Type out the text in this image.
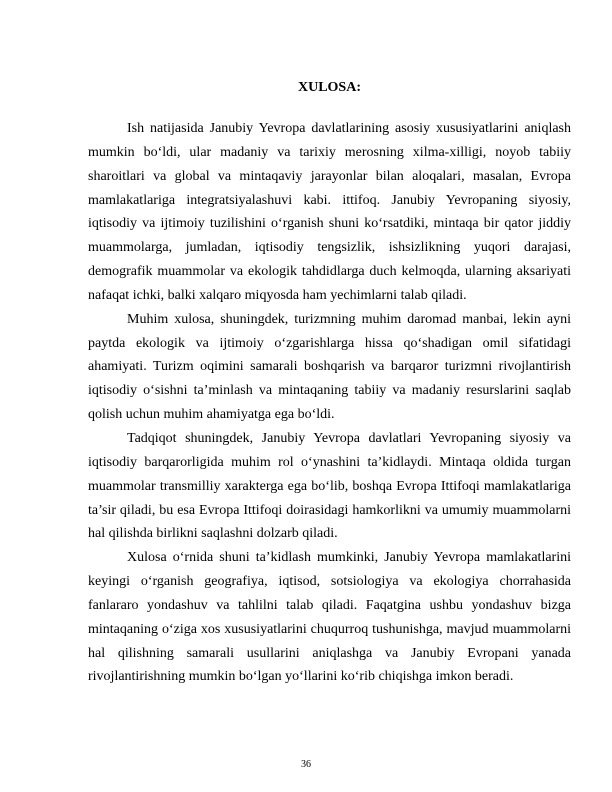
XULOSA:

Ish natijasida Janubiy Yevropa davlatlarining asosiy xususiyatlarini aniqlash mumkin bo‘ldi, ular madaniy va tarixiy merosning xilma-xilligi, noyob tabiiy sharoitlari va global va mintaqaviy jarayonlar bilan aloqalari, masalan, Evropa mamlakatlariga integratsiyalashuvi kabi. ittifoq. Janubiy Yevropaning siyosiy, iqtisodiy va ijtimoiy tuzilishini o‘rganish shuni ko‘rsatdiki, mintaqa bir qator jiddiy muammolarga, jumladan, iqtisodiy tengsizlik, ishsizlikning yuqori darajasi, demografik muammolar va ekologik tahdidlarga duch kelmoqda, ularning aksariyati nafaqat ichki, balki xalqaro miqyosda ham yechimlarni talab qiladi.

Muhim xulosa, shuningdek, turizmning muhim daromad manbai, lekin ayni paytda ekologik va ijtimoiy o‘zgarishlarga hissa qo‘shadigan omil sifatidagi ahamiyati. Turizm oqimini samarali boshqarish va barqaror turizmni rivojlantirish iqtisodiy o‘sishni ta’minlash va mintaqaning tabiiy va madaniy resurslarini saqlab qolish uchun muhim ahamiyatga ega bo‘ldi.

Tadqiqot shuningdek, Janubiy Yevropa davlatlari Yevropaning siyosiy va iqtisodiy barqarorligida muhim rol o‘ynashini ta’kidlaydi. Mintaqa oldida turgan muammolar transmilliy xarakterga ega bo‘lib, boshqa Evropa Ittifoqi mamlakatlariga ta’sir qiladi, bu esa Evropa Ittifoqi doirasidagi hamkorlikni va umumiy muammolarni hal qilishda birlikni saqlashni dolzarb qiladi.

Xulosa o‘rnida shuni ta’kidlash mumkinki, Janubiy Yevropa mamlakatlarini keyingi o‘rganish geografiya, iqtisod, sotsiologiya va ekologiya chorrahasida fanlararo yondashuv va tahlilni talab qiladi. Faqatgina ushbu yondashuv bizga mintaqaning o‘ziga xos xususiyatlarini chuqurroq tushunishga, mavjud muammolarni hal qilishning samarali usullarini aniqlashga va Janubiy Evropani yanada rivojlantirishning mumkin bo‘lgan yo‘llarini ko‘rib chiqishga imkon beradi.

36
